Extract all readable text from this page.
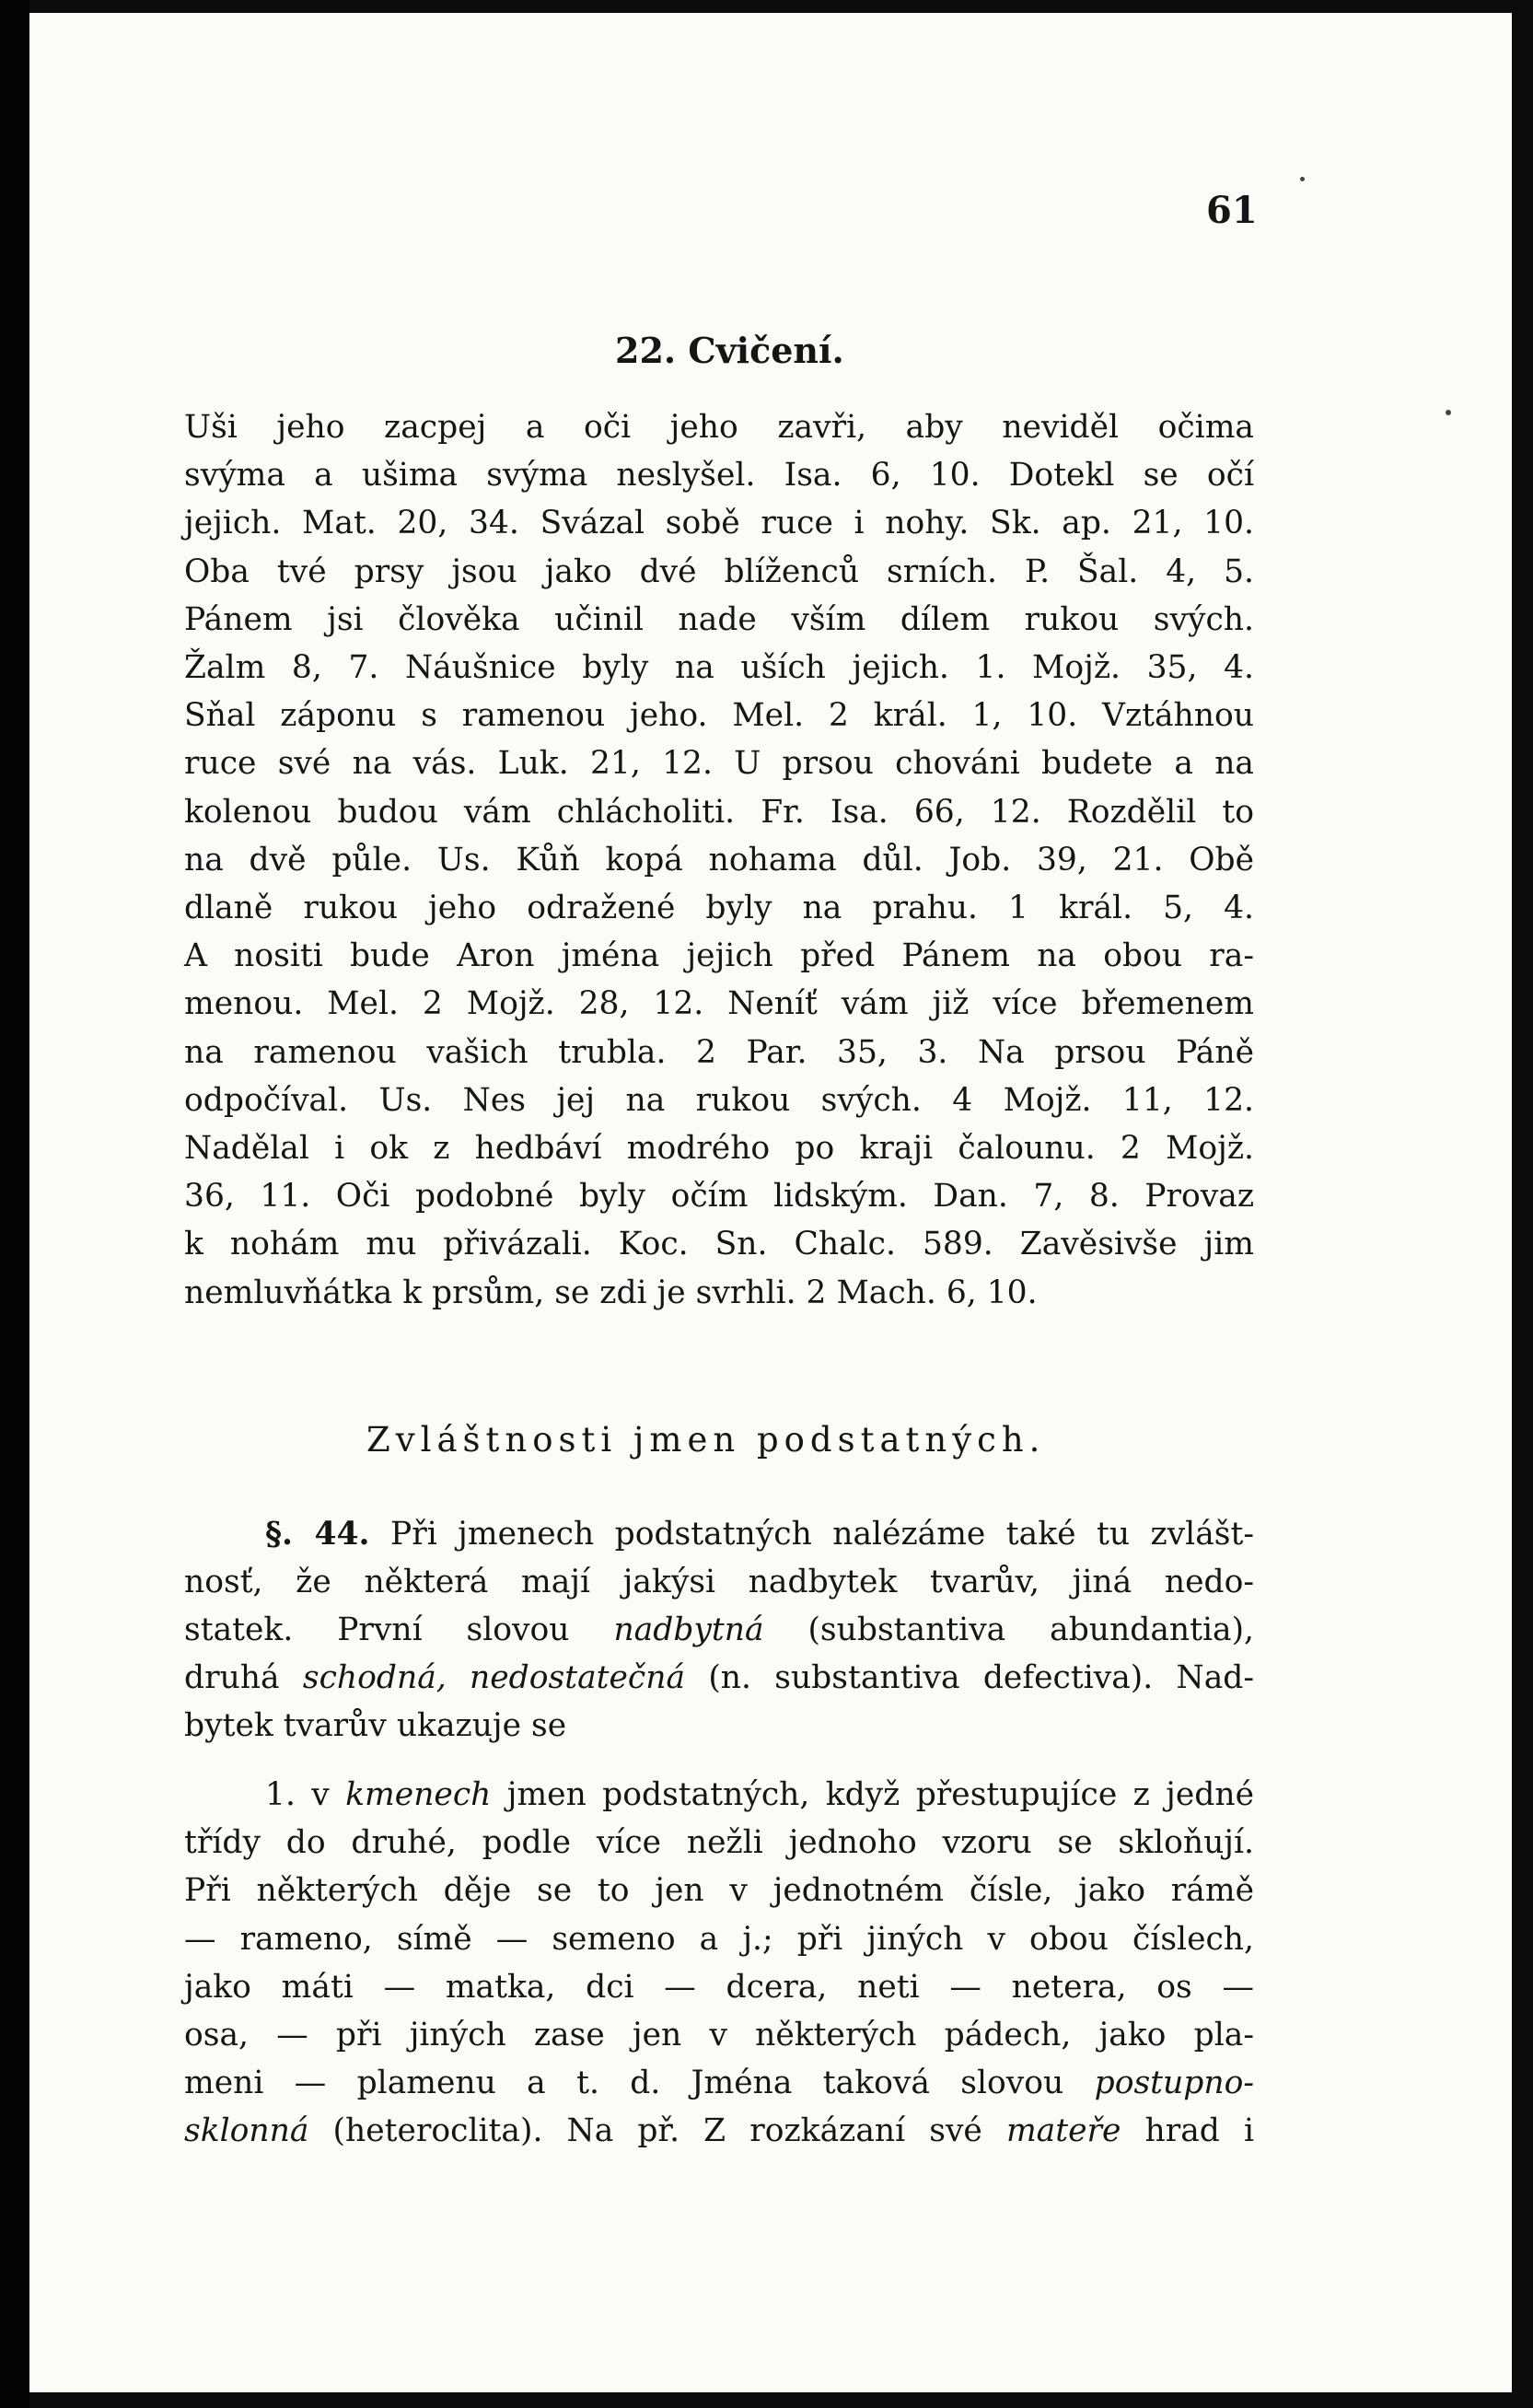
61
22. Cvičení.

Uši jeho zacpej a oči jeho zavři, aby neviděl očima
svýma a ušima svýma neslyšel. Isa. 6, 10. Dotekl se očí
jejich. Mat. 20, 34. Svázal sobě ruce i nohy. Sk. ap. 21, 10.
Oba tvé prsy jsou jako dvé blíženců srních. P. Šal. 4, 5.
Pánem jsi člověka učinil nade vším dílem rukou svých.
Žalm 8, 7. Náušnice byly na uších jejich. 1. Mojž. 35, 4.
Sňal záponu s ramenou jeho. Mel. 2 král. 1, 10. Vztáhnou
ruce své na vás. Luk. 21, 12. U prsou chováni budete a na
kolenou budou vám chlácholiti. Fr. Isa. 66, 12. Rozdělil to
na dvě půle. Us. Kůň kopá nohama důl. Job. 39, 21. Obě
dlaně rukou jeho odražené byly na prahu. 1 král. 5, 4.
A nositi bude Aron jména jejich před Pánem na obou ra-
menou. Mel. 2 Mojž. 28, 12. Neníť vám již více břemenem
na ramenou vašich trubla. 2 Par. 35, 3. Na prsou Páně
odpočíval. Us. Nes jej na rukou svých. 4 Mojž. 11, 12.
Nadělal i ok z hedbáví modrého po kraji čalounu. 2 Mojž.
36, 11. Oči podobné byly očím lidským. Dan. 7, 8. Provaz
k nohám mu přivázali. Koc. Sn. Chalc. 589. Zavěsivše jim
nemluvňátka k prsům, se zdi je svrhli. 2 Mach. 6, 10.

Zvláštnosti jmen podstatných.

§. 44. Při jmenech podstatných nalézáme také tu zvlášt-
nosť, že některá mají jakýsi nadbytek tvarův, jiná nedo-
statek. První slovou nadbytná (substantiva abundantia),
druhá schodná, nedostatečná (n. substantiva defectiva). Nad-
bytek tvarův ukazuje se

1. v kmenech jmen podstatných, když přestupujíce z jedné
třídy do druhé, podle více nežli jednoho vzoru se skloňují.
Při některých děje se to jen v jednotném čísle, jako rámě
— rameno, símě — semeno a j.; při jiných v obou číslech,
jako máti — matka, dci — dcera, neti — netera, os —
osa, — při jiných zase jen v některých pádech, jako pla-
meni — plamenu a t. d. Jména taková slovou postupno-
sklonná (heteroclita). Na př. Z rozkázaní své mateře hrad i
